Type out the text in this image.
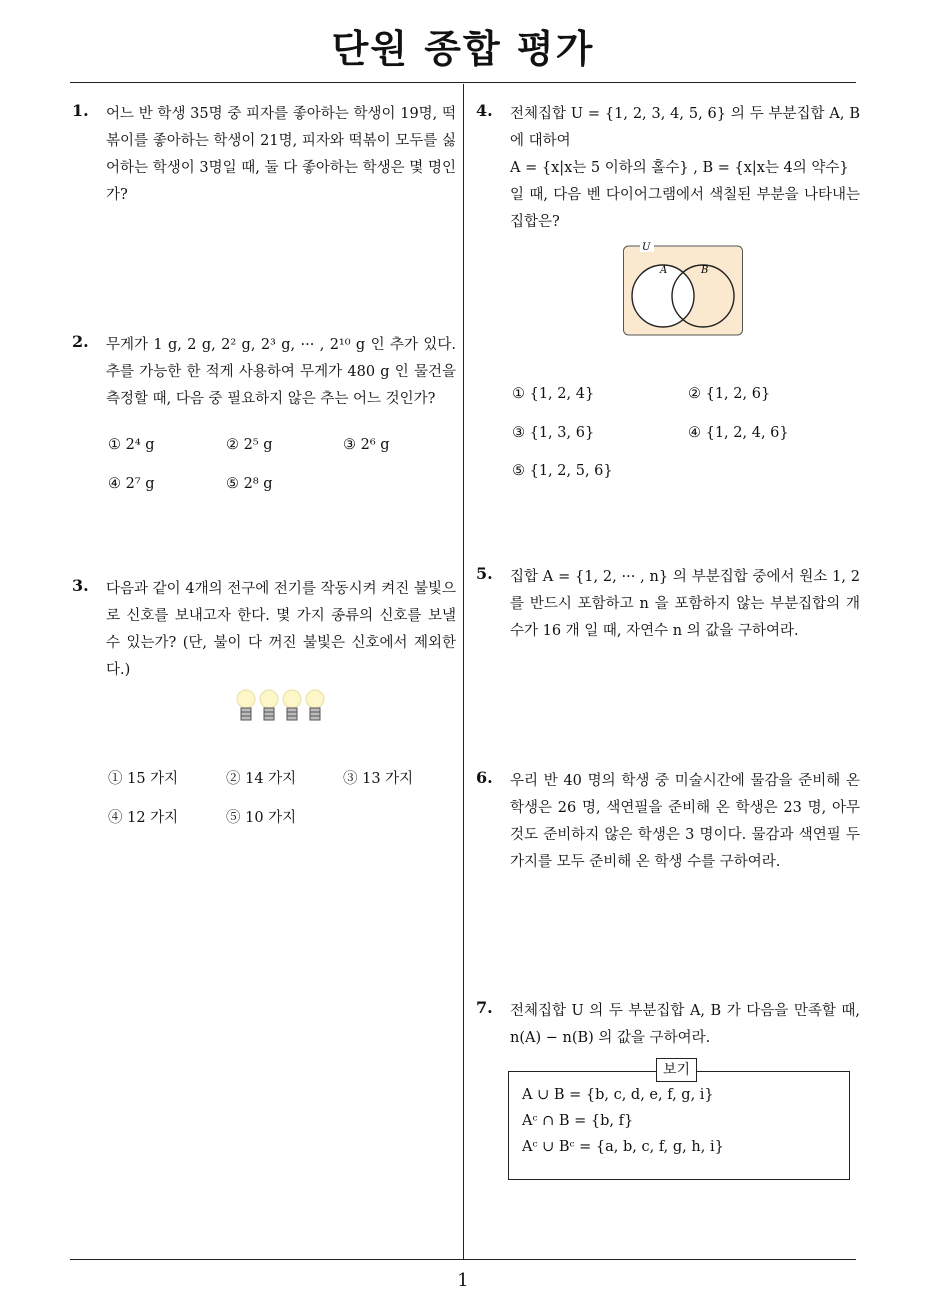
단원 종합 평가
1
1. 어느 반 학생 35명 중 피자를 좋아하는 학생이 19명, 떡볶이를 좋아하는 학생이 21명, 피자와 떡볶이 모두를 싫어하는 학생이 3명일 때, 둘 다 좋아하는 학생은 몇 명인가?
2. 무게가 1 g, 2 g, 2² g, 2³ g, ··· , 2¹⁰ g 인 추가 있다. 추를 가능한 한 적게 사용하여 무게가 480 g 인 물건을 측정할 때, 다음 중 필요하지 않은 추는 어느 것인가?
① 2⁴ g	② 2⁵ g	③ 2⁶ g
④ 2⁷ g	⑤ 2⁸ g
3. 다음과 같이 4개의 전구에 전기를 작동시켜 켜진 불빛으로 신호를 보내고자 한다. 몇 가지 종류의 신호를 보낼 수 있는가? (단, 불이 다 꺼진 불빛은 신호에서 제외한다.)
① 15 가지	② 14 가지	③ 13 가지
④ 12 가지	⑤ 10 가지
4. 전체집합 U = {1, 2, 3, 4, 5, 6} 의 두 부분집합 A, B 에 대하여
A = {x|x는 5 이하의 홀수} , B = {x|x는 4의 약수}
일 때, 다음 벤 다이어그램에서 색칠된 부분을 나타내는 집합은?
U
A	B
① {1, 2, 4}	② {1, 2, 6}
③ {1, 3, 6}	④ {1, 2, 4, 6}
⑤ {1, 2, 5, 6}
5. 집합 A = {1, 2, ··· , n} 의 부분집합 중에서 원소 1, 2 를 반드시 포함하고 n 을 포함하지 않는 부분집합의 개수가 16 개 일 때, 자연수 n 의 값을 구하여라.
6. 우리 반 40 명의 학생 중 미술시간에 물감을 준비해 온 학생은 26 명, 색연필을 준비해 온 학생은 23 명, 아무것도 준비하지 않은 학생은 3 명이다. 물감과 색연필 두 가지를 모두 준비해 온 학생 수를 구하여라.
7. 전체집합 U 의 두 부분집합 A, B 가 다음을 만족할 때, n(A) − n(B) 의 값을 구하여라.
보기
A ∪ B = {b, c, d, e, f, g, i}
Aᶜ ∩ B = {b, f}
Aᶜ ∪ Bᶜ = {a, b, c, f, g, h, i}
